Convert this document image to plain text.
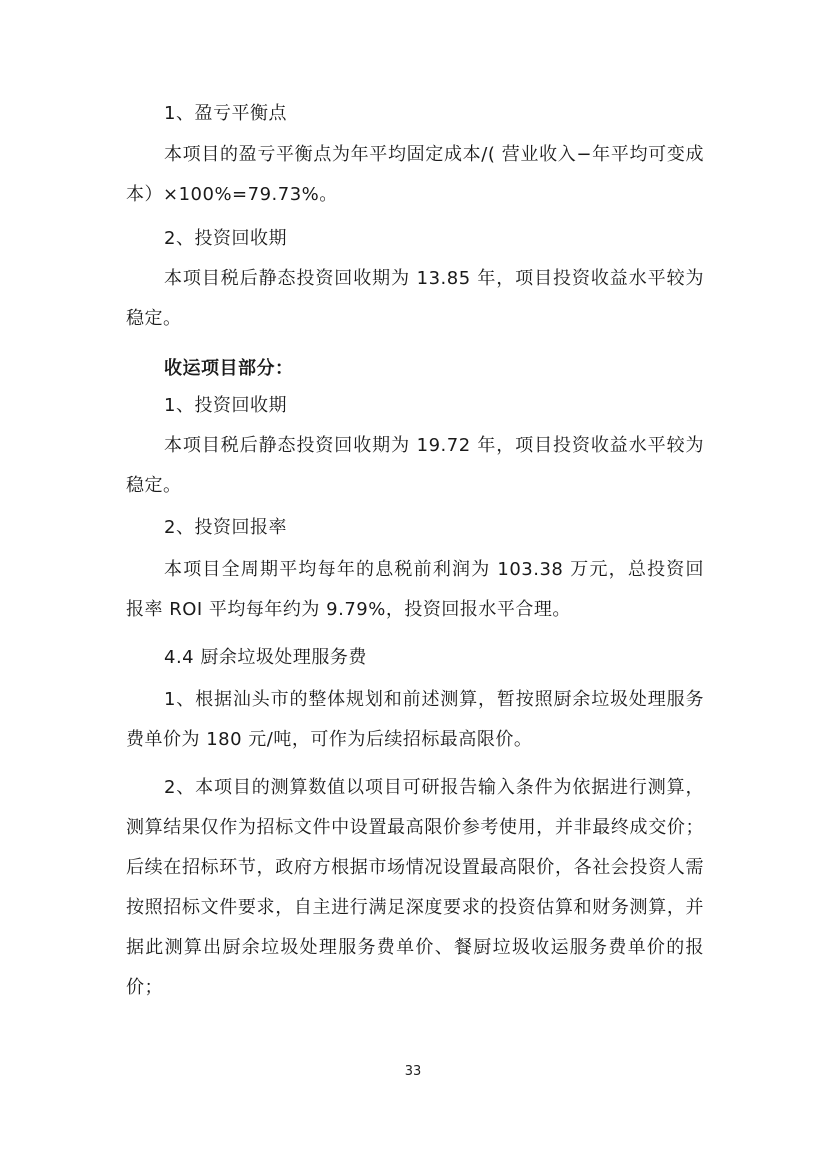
1、盈亏平衡点

本项目的盈亏平衡点为年平均固定成本/( 营业收入−年平均可变成本）×100%=79.73%。

2、投资回收期

本项目税后静态投资回收期为 13.85 年，项目投资收益水平较为稳定。

收运项目部分：

1、投资回收期

本项目税后静态投资回收期为 19.72 年，项目投资收益水平较为稳定。

2、投资回报率

本项目全周期平均每年的息税前利润为 103.38 万元，总投资回报率 ROI 平均每年约为 9.79%，投资回报水平合理。

4.4 厨余垃圾处理服务费

1、根据汕头市的整体规划和前述测算，暂按照厨余垃圾处理服务费单价为 180 元/吨，可作为后续招标最高限价。

2、本项目的测算数值以项目可研报告输入条件为依据进行测算，测算结果仅作为招标文件中设置最高限价参考使用，并非最终成交价；后续在招标环节，政府方根据市场情况设置最高限价，各社会投资人需按照招标文件要求，自主进行满足深度要求的投资估算和财务测算，并据此测算出厨余垃圾处理服务费单价、餐厨垃圾收运服务费单价的报价；

33
